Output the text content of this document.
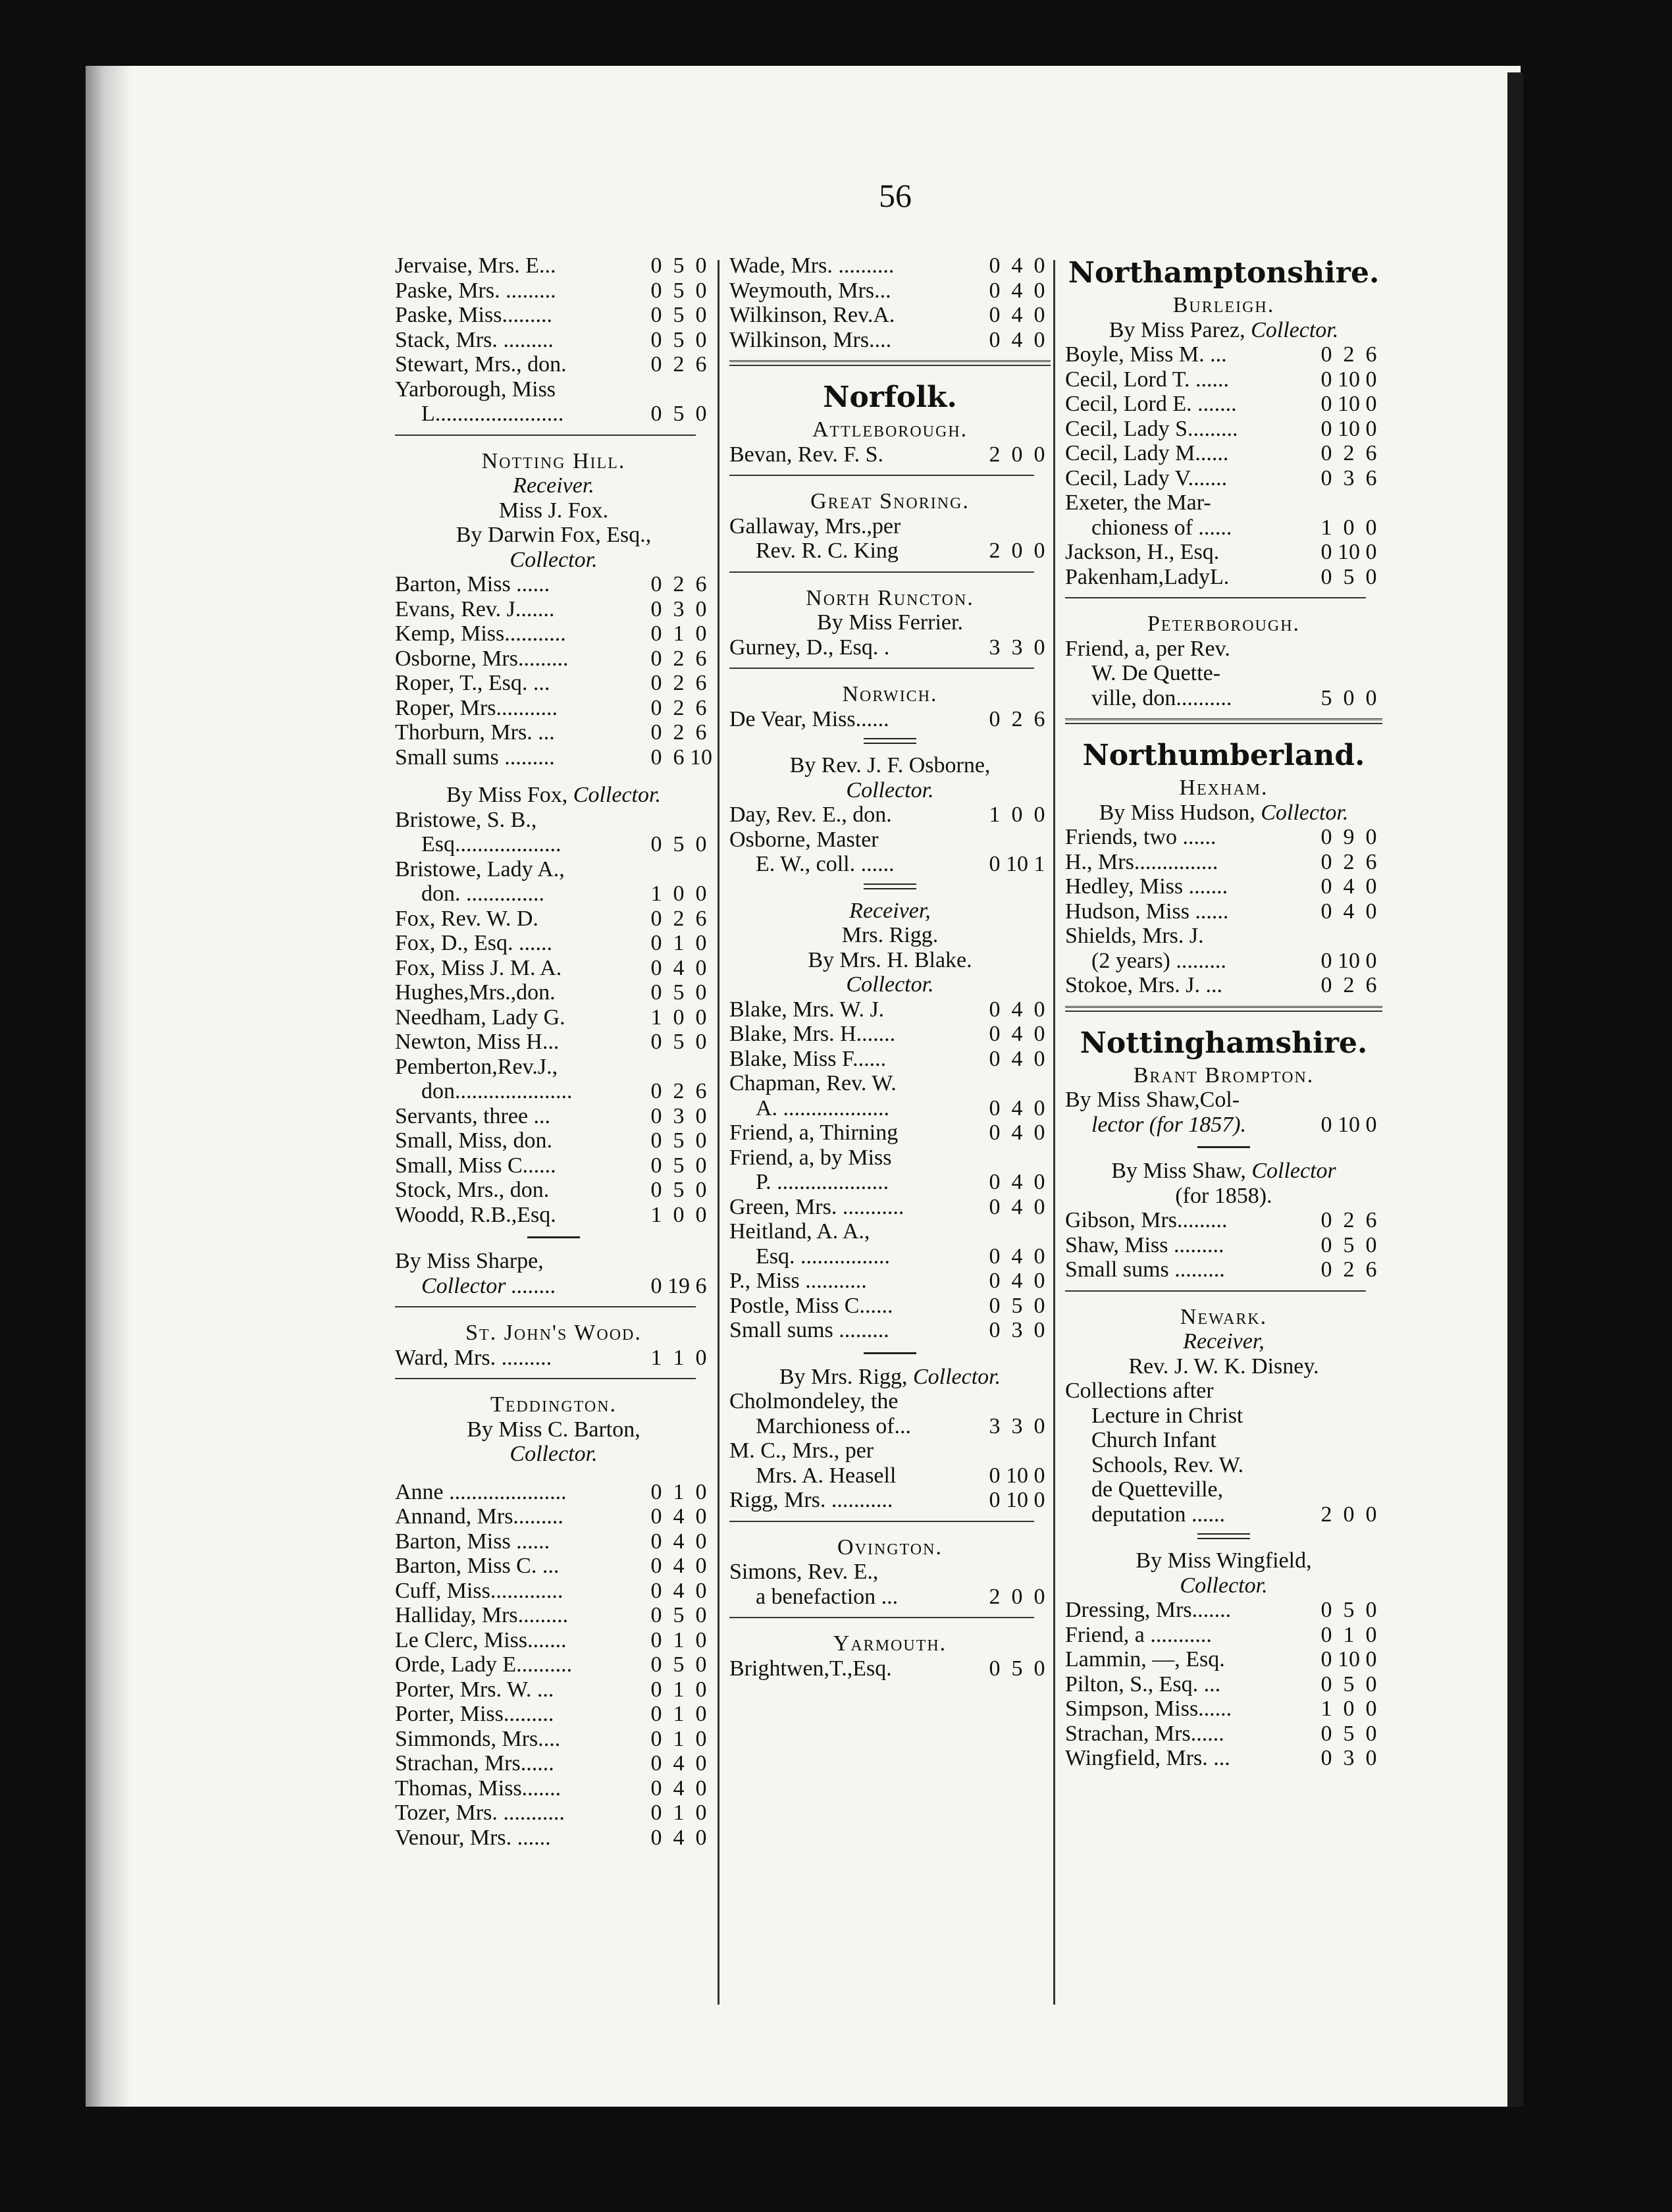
56
Jervaise, Mrs. E...	0 5 0
Paske, Mrs. .........	0 5 0
Paske, Miss.........	0 5 0
Stack, Mrs. .........	0 5 0
Stewart, Mrs., don.	0 2 6
Yarborough, Miss
L.......................	0 5 0
Notting Hill.
Receiver.
Miss J. Fox.
By Darwin Fox, Esq.,
Collector.
Barton, Miss ......	0 2 6
Evans, Rev. J.......	0 3 0
Kemp, Miss...........	0 1 0
Osborne, Mrs.........	0 2 6
Roper, T., Esq. ...	0 2 6
Roper, Mrs...........	0 2 6
Thorburn, Mrs. ...	0 2 6
Small sums .........	0 6 10
By Miss Fox, Collector.
Bristowe, S. B.,
Esq...................	0 5 0
Bristowe, Lady A.,
don. ..............	1 0 0
Fox, Rev. W. D.	0 2 6
Fox, D., Esq. ......	0 1 0
Fox, Miss J. M. A.	0 4 0
Hughes,Mrs.,don.	0 5 0
Needham, Lady G.	1 0 0
Newton, Miss H...	0 5 0
Pemberton,Rev.J.,
don.....................	0 2 6
Servants, three ...	0 3 0
Small, Miss, don.	0 5 0
Small, Miss C......	0 5 0
Stock, Mrs., don.	0 5 0
Woodd, R.B.,Esq.	1 0 0
By Miss Sharpe,
Collector ........	0 19 6
St. John's Wood.
Ward, Mrs. .........	1 1 0
Teddington.
By Miss C. Barton,
Collector.
Anne .....................	0 1 0
Annand, Mrs.........	0 4 0
Barton, Miss ......	0 4 0
Barton, Miss C. ...	0 4 0
Cuff, Miss.............	0 4 0
Halliday, Mrs.........	0 5 0
Le Clerc, Miss.......	0 1 0
Orde, Lady E..........	0 5 0
Porter, Mrs. W. ...	0 1 0
Porter, Miss.........	0 1 0
Simmonds, Mrs....	0 1 0
Strachan, Mrs......	0 4 0
Thomas, Miss.......	0 4 0
Tozer, Mrs. ...........	0 1 0
Venour, Mrs. ......	0 4 0
Wade, Mrs. ..........	0 4 0
Weymouth, Mrs...	0 4 0
Wilkinson, Rev.A.	0 4 0
Wilkinson, Mrs....	0 4 0
Norfolk.
Attleborough.
Bevan, Rev. F. S.	2 0 0
Great Snoring.
Gallaway, Mrs.,per
Rev. R. C. King	2 0 0
North Runcton.
By Miss Ferrier.
Gurney, D., Esq. .	3 3 0
Norwich.
De Vear, Miss......	0 2 6
By Rev. J. F. Osborne,
Collector.
Day, Rev. E., don.	1 0 0
Osborne, Master
E. W., coll. ......	0 10 1
Receiver,
Mrs. Rigg.
By Mrs. H. Blake.
Collector.
Blake, Mrs. W. J.	0 4 0
Blake, Mrs. H.......	0 4 0
Blake, Miss F......	0 4 0
Chapman, Rev. W.
A. ...................	0 4 0
Friend, a, Thirning	0 4 0
Friend, a, by Miss
P. ....................	0 4 0
Green, Mrs. ...........	0 4 0
Heitland, A. A.,
Esq. ................	0 4 0
P., Miss ...........	0 4 0
Postle, Miss C......	0 5 0
Small sums .........	0 3 0
By Mrs. Rigg, Collector.
Cholmondeley, the
Marchioness of...	3 3 0
M. C., Mrs., per
Mrs. A. Heasell	0 10 0
Rigg, Mrs. ...........	0 10 0
Ovington.
Simons, Rev. E.,
a benefaction ...	2 0 0
Yarmouth.
Brightwen,T.,Esq.	0 5 0
Northamptonshire.
Burleigh.
By Miss Parez, Collector.
Boyle, Miss M. ...	0 2 6
Cecil, Lord T. ......	0 10 0
Cecil, Lord E. .......	0 10 0
Cecil, Lady S.........	0 10 0
Cecil, Lady M......	0 2 6
Cecil, Lady V.......	0 3 6
Exeter, the Mar-
chioness of ......	1 0 0
Jackson, H., Esq.	0 10 0
Pakenham,LadyL.	0 5 0
Peterborough.
Friend, a, per Rev.
W. De Quette-
ville, don..........	5 0 0
Northumberland.
Hexham.
By Miss Hudson, Collector.
Friends, two ......	0 9 0
H., Mrs...............	0 2 6
Hedley, Miss .......	0 4 0
Hudson, Miss ......	0 4 0
Shields, Mrs. J.
(2 years) .........	0 10 0
Stokoe, Mrs. J. ...	0 2 6
Nottinghamshire.
Brant Brompton.
By Miss Shaw,Col-
lector (for 1857).	0 10 0
By Miss Shaw, Collector
(for 1858).
Gibson, Mrs.........	0 2 6
Shaw, Miss .........	0 5 0
Small sums .........	0 2 6
Newark.
Receiver,
Rev. J. W. K. Disney.
Collections after
Lecture in Christ
Church Infant
Schools, Rev. W.
de Quetteville,
deputation ......	2 0 0
By Miss Wingfield,
Collector.
Dressing, Mrs.......	0 5 0
Friend, a ...........	0 1 0
Lammin, —, Esq.	0 10 0
Pilton, S., Esq. ...	0 5 0
Simpson, Miss......	1 0 0
Strachan, Mrs......	0 5 0
Wingfield, Mrs. ...	0 3 0
